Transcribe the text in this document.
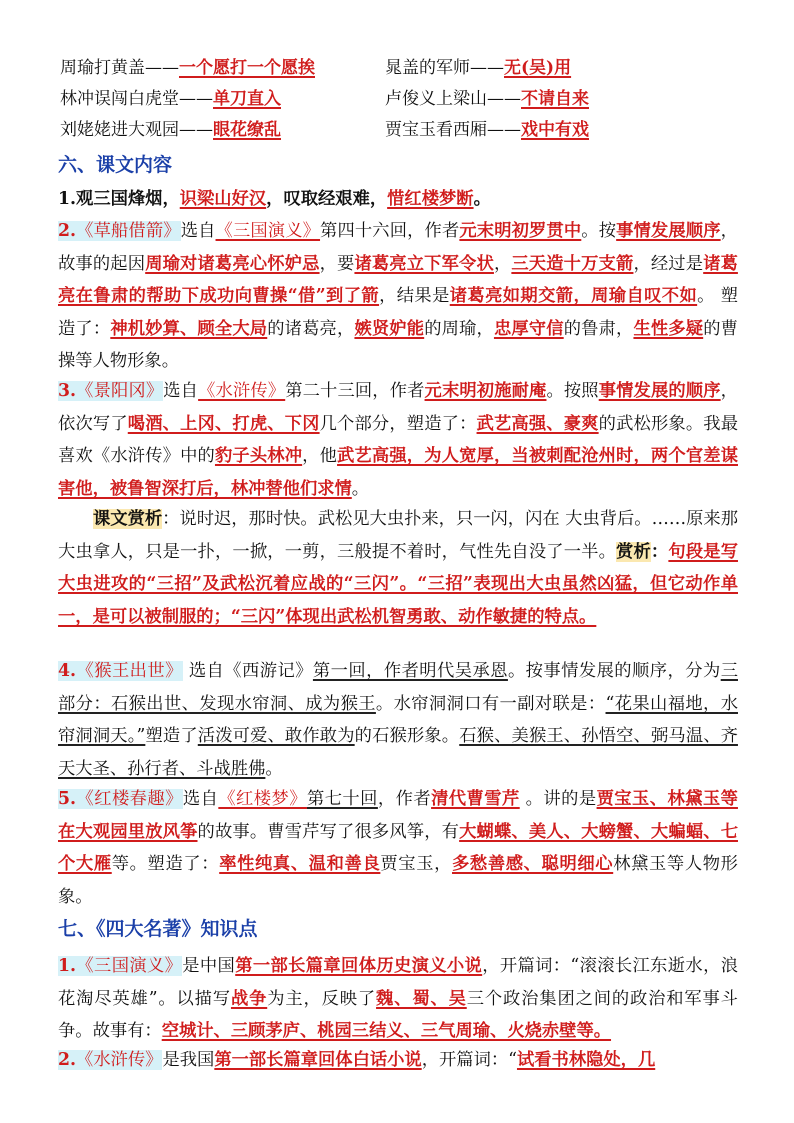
周瑜打黄盖——一个愿打一个愿挨	晁盖的军师——无(吴)用
林冲误闯白虎堂——单刀直入	卢俊义上梁山——不请自来
刘姥姥进大观园——眼花缭乱	贾宝玉看西厢——戏中有戏
六、课文内容
1.观三国烽烟，识梁山好汉，叹取经艰难，惜红楼梦断。
2.《草船借箭》选自《三国演义》第四十六回，作者元末明初罗贯中。按事情发展顺序，故事的起因周瑜对诸葛亮心怀妒忌，要诸葛亮立下军令状，三天造十万支箭，经过是诸葛亮在鲁肃的帮助下成功向曹操“借”到了箭，结果是诸葛亮如期交箭，周瑜自叹不如。 塑造了：神机妙算、顾全大局的诸葛亮，嫉贤妒能的周瑜，忠厚守信的鲁肃，生性多疑的曹操等人物形象。
3.《景阳冈》选自《水浒传》第二十三回，作者元末明初施耐庵。按照事情发展的顺序，依次写了喝酒、上冈、打虎、下冈几个部分，塑造了：武艺高强、豪爽的武松形象。我最喜欢《水浒传》中的豹子头林冲，他武艺高强，为人宽厚，当被刺配沧州时，两个官差谋害他，被鲁智深打后，林冲替他们求情。
课文赏析：说时迟，那时快。武松见大虫扑来，只一闪，闪在 大虫背后。……原来那大虫拿人，只是一扑，一掀，一剪，三般提不着时，气性先自没了一半。赏析：句段是写大虫进攻的“三招”及武松沉着应战的“三闪”。“三招”表现出大虫虽然凶猛，但它动作单一，是可以被制服的；“三闪”体现出武松机智勇敢、动作敏捷的特点。
4.《猴王出世》 选自《西游记》第一回，作者明代吴承恩。按事情发展的顺序，分为三部分：石猴出世、发现水帘洞、成为猴王。水帘洞洞口有一副对联是：“花果山福地，水帘洞洞天。”塑造了活泼可爱、敢作敢为的石猴形象。石猴、美猴王、孙悟空、弼马温、齐天大圣、孙行者、斗战胜佛。
5.《红楼春趣》选自《红楼梦》第七十回，作者清代曹雪芹 。讲的是贾宝玉、林黛玉等在大观园里放风筝的故事。曹雪芹写了很多风筝，有大蝴蝶、美人、大螃蟹、大蝙蝠、七个大雁等。塑造了：率性纯真、温和善良贾宝玉，多愁善感、聪明细心林黛玉等人物形象。
七、《四大名著》知识点
1.《三国演义》是中国第一部长篇章回体历史演义小说，开篇词：“滚滚长江东逝水，浪花淘尽英雄”。以描写战争为主，反映了魏、蜀、吴三个政治集团之间的政治和军事斗争。故事有：空城计、三顾茅庐、桃园三结义、三气周瑜、火烧赤壁等。
2.《水浒传》是我国第一部长篇章回体白话小说，开篇词：“试看书林隐处，几
